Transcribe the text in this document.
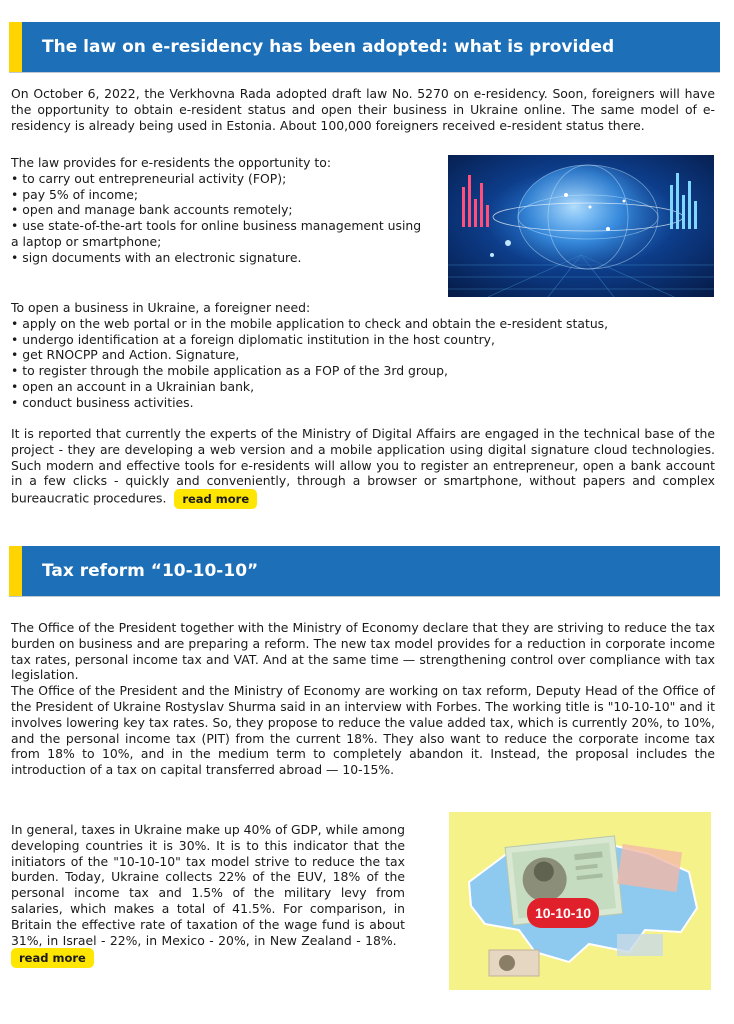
The law on e-residency has been adopted: what is provided

On October 6, 2022, the Verkhovna Rada adopted draft law No. 5270 on e-residency. Soon, foreigners will have the opportunity to obtain e-resident status and open their business in Ukraine online. The same model of e-residency is already being used in Estonia. About 100,000 foreigners received e-resident status there.

The law provides for e-residents the opportunity to:

• to carry out entrepreneurial activity (FOP);

• pay 5% of income;

• open and manage bank accounts remotely;

• use state-of-the-art tools for online business management using a laptop or smartphone;

• sign documents with an electronic signature.

To open a business in Ukraine, a foreigner need:

• apply on the web portal or in the mobile application to check and obtain the e-resident status,

• undergo identification at a foreign diplomatic institution in the host country,

• get RNOCPP and Action. Signature,

• to register through the mobile application as a FOP of the 3rd group,

• open an account in a Ukrainian bank,

• conduct business activities.

It is reported that currently the experts of the Ministry of Digital Affairs are engaged in the technical base of the project - they are developing a web version and a mobile application using digital signature cloud technologies. Such modern and effective tools for e-residents will allow you to register an entrepreneur, open a bank account in a few clicks - quickly and conveniently, through a browser or smartphone, without papers and complex bureaucratic procedures. read more

Tax reform “10-10-10”

The Office of the President together with the Ministry of Economy declare that they are striving to reduce the tax burden on business and are preparing a reform. The new tax model provides for a reduction in corporate income tax rates, personal income tax and VAT. And at the same time — strengthening control over compliance with tax legislation.

The Office of the President and the Ministry of Economy are working on tax reform, Deputy Head of the Office of the President of Ukraine Rostyslav Shurma said in an interview with Forbes. The working title is "10-10-10" and it involves lowering key tax rates. So, they propose to reduce the value added tax, which is currently 20%, to 10%, and the personal income tax (PIT) from the current 18%. They also want to reduce the corporate income tax from 18% to 10%, and in the medium term to completely abandon it. Instead, the proposal includes the introduction of a tax on capital transferred abroad — 10-15%.

In general, taxes in Ukraine make up 40% of GDP, while among developing countries it is 30%. It is to this indicator that the initiators of the "10-10-10" tax model strive to reduce the tax burden. Today, Ukraine collects 22% of the EUV, 18% of the personal income tax and 1.5% of the military levy from salaries, which makes a total of 41.5%. For comparison, in Britain the effective rate of taxation of the wage fund is about 31%, in Israel - 22%, in Mexico - 20%, in New Zealand - 18%.  read more

10-10-10
